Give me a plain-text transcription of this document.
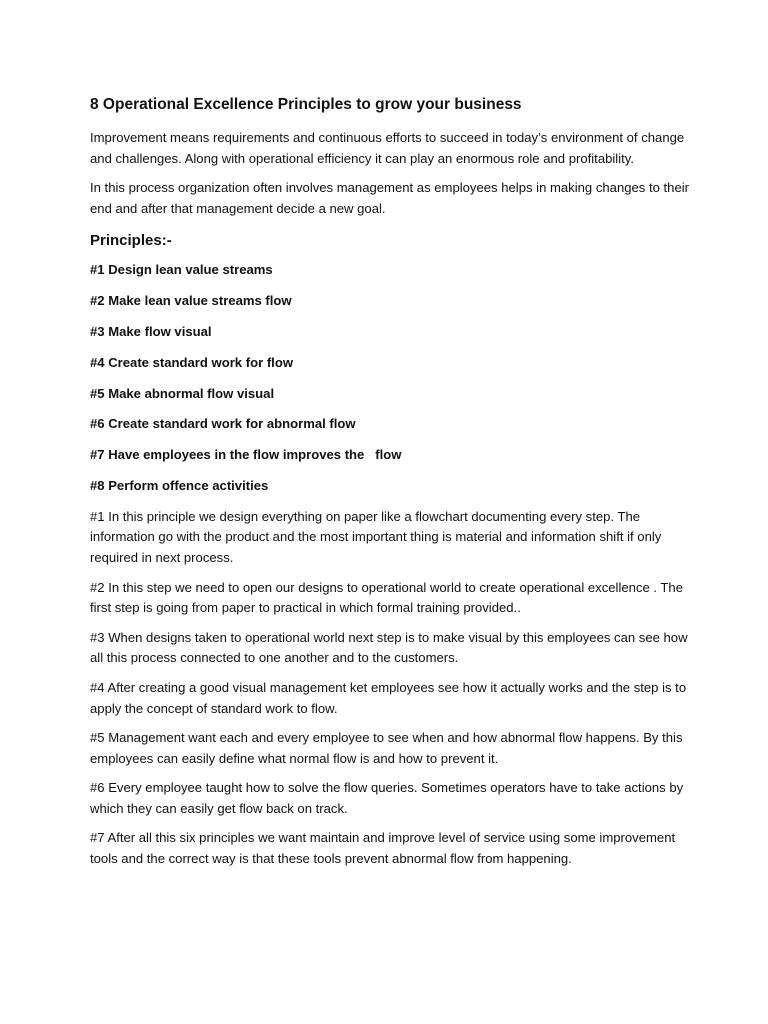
8 Operational Excellence Principles to grow your business

Improvement means requirements and continuous efforts to succeed in today’s environment of change and challenges. Along with operational efficiency it can play an enormous role and profitability.

In this process organization often involves management as employees helps in making changes to their end and after that management decide a new goal.

Principles:-
#1 Design lean value streams
#2 Make lean value streams flow
#3 Make flow visual
#4 Create standard work for flow
#5 Make abnormal flow visual
#6 Create standard work for abnormal flow
#7 Have employees in the flow improves the   flow
#8 Perform offence activities

#1 In this principle we design everything on paper like a flowchart documenting every step. The information go with the product and the most important thing is material and information shift if only required in next process.

#2 In this step we need to open our designs to operational world to create operational excellence . The first step is going from paper to practical in which formal training provided..

#3 When designs taken to operational world next step is to make visual by this employees can see how all this process connected to one another and to the customers.

#4 After creating a good visual management ket employees see how it actually works and the step is to apply the concept of standard work to flow.

#5 Management want each and every employee to see when and how abnormal flow happens. By this employees can easily define what normal flow is and how to prevent it.

#6 Every employee taught how to solve the flow queries. Sometimes operators have to take actions by which they can easily get flow back on track.

#7 After all this six principles we want maintain and improve level of service using some improvement tools and the correct way is that these tools prevent abnormal flow from happening.
